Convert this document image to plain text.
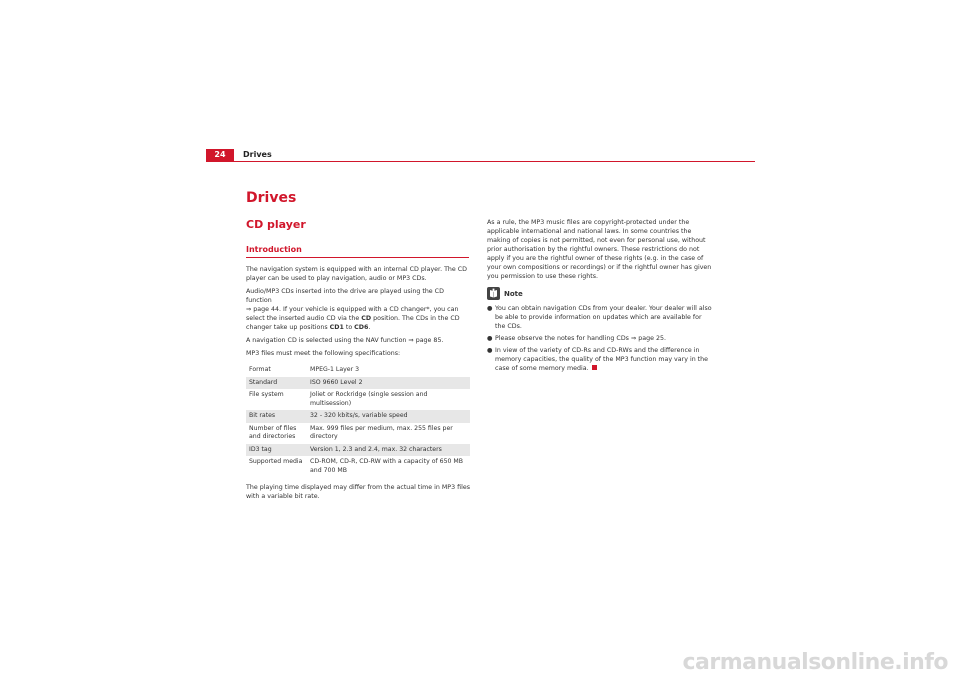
24	Drives
Drives
CD player
Introduction

The navigation system is equipped with an internal CD player. The CD player can be used to play navigation, audio or MP3 CDs.

Audio/MP3 CDs inserted into the drive are played using the CD function
⇒ page 44. If your vehicle is equipped with a CD changer*, you can select the inserted audio CD via the CD position. The CDs in the CD changer take up positions CD1 to CD6.

A navigation CD is selected using the NAV function ⇒ page 85.

MP3 files must meet the following specifications:

Format	MPEG-1 Layer 3
Standard	ISO 9660 Level 2
File system	Joliet or Rockridge (single session and multisession)
Bit rates	32 - 320 kbits/s, variable speed
Number of files and directories	Max. 999 files per medium, max. 255 files per directory
ID3 tag	Version 1, 2.3 and 2.4, max. 32 characters
Supported media	CD-ROM, CD-R, CD-RW with a capacity of 650 MB and 700 MB

The playing time displayed may differ from the actual time in MP3 files with a variable bit rate.

As a rule, the MP3 music files are copyright-protected under the applicable international and national laws. In some countries the making of copies is not permitted, not even for personal use, without prior authorisation by the rightful owners. These restrictions do not apply if you are the rightful owner of these rights (e.g. in the case of your own compositions or recordings) or if the rightful owner has given you permission to use these rights.

Note
● You can obtain navigation CDs from your dealer. Your dealer will also be able to provide information on updates which are available for the CDs.

● Please observe the notes for handling CDs ⇒ page 25.

● In view of the variety of CD-Rs and CD-RWs and the difference in memory capacities, the quality of the MP3 function may vary in the case of some memory media.

carmanualsonline.info
